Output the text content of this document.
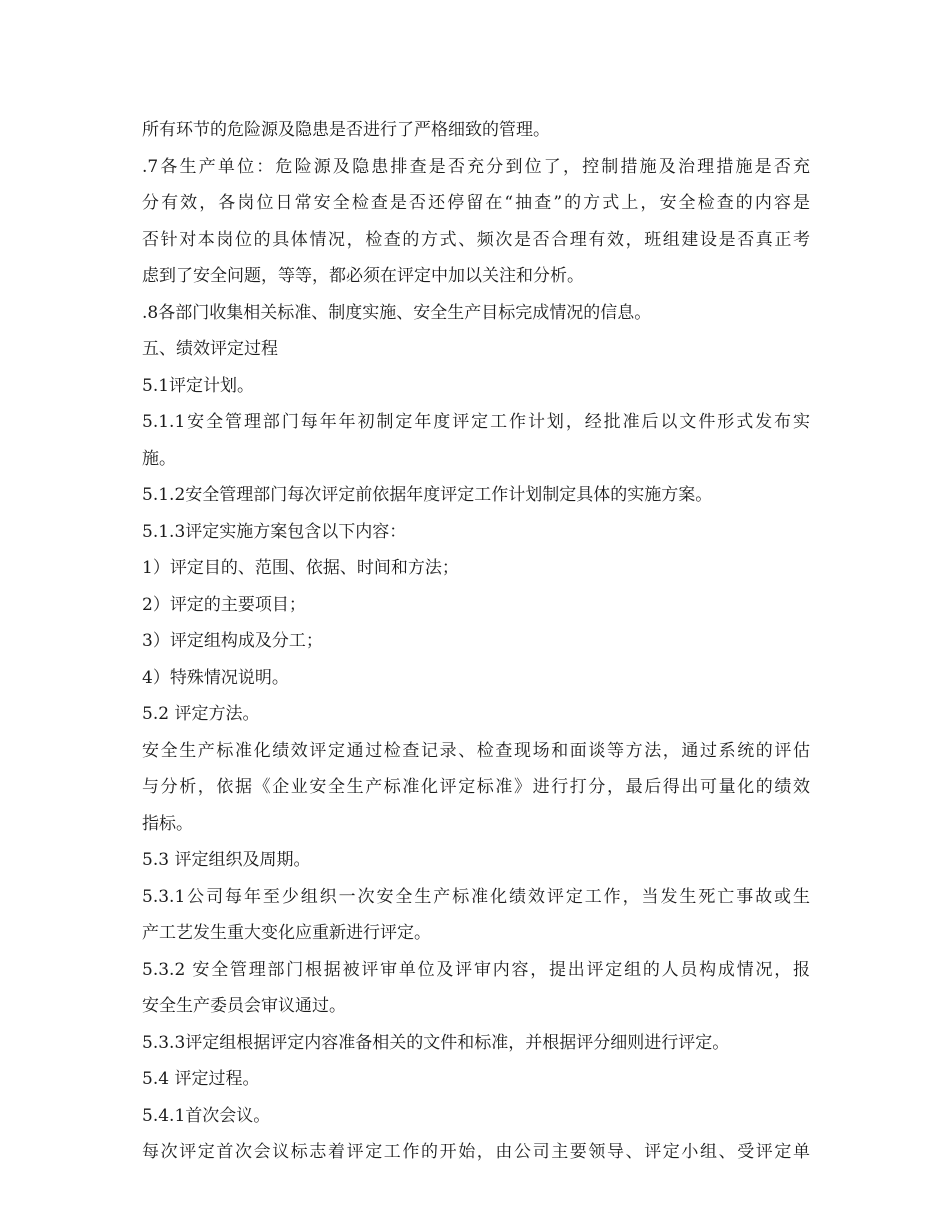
所有环节的危险源及隐患是否进行了严格细致的管理。
.7各生产单位：危险源及隐患排查是否充分到位了，控制措施及治理措施是否充
分有效，各岗位日常安全检查是否还停留在“抽查”的方式上，安全检查的内容是
否针对本岗位的具体情况，检查的方式、频次是否合理有效，班组建设是否真正考
虑到了安全问题，等等，都必须在评定中加以关注和分析。
.8各部门收集相关标准、制度实施、安全生产目标完成情况的信息。
五、绩效评定过程
5.1评定计划。
5.1.1安全管理部门每年年初制定年度评定工作计划，经批准后以文件形式发布实
施。
5.1.2安全管理部门每次评定前依据年度评定工作计划制定具体的实施方案。
5.1.3评定实施方案包含以下内容：
1）评定目的、范围、依据、时间和方法；
2）评定的主要项目；
3）评定组构成及分工；
4）特殊情况说明。
5.2 评定方法。
安全生产标准化绩效评定通过检查记录、检查现场和面谈等方法，通过系统的评估
与分析，依据《企业安全生产标准化评定标准》进行打分，最后得出可量化的绩效
指标。
5.3 评定组织及周期。
5.3.1公司每年至少组织一次安全生产标准化绩效评定工作，当发生死亡事故或生
产工艺发生重大变化应重新进行评定。
5.3.2 安全管理部门根据被评审单位及评审内容，提出评定组的人员构成情况，报
安全生产委员会审议通过。
5.3.3评定组根据评定内容准备相关的文件和标准，并根据评分细则进行评定。
5.4 评定过程。
5.4.1首次会议。
每次评定首次会议标志着评定工作的开始，由公司主要领导、评定小组、受评定单
